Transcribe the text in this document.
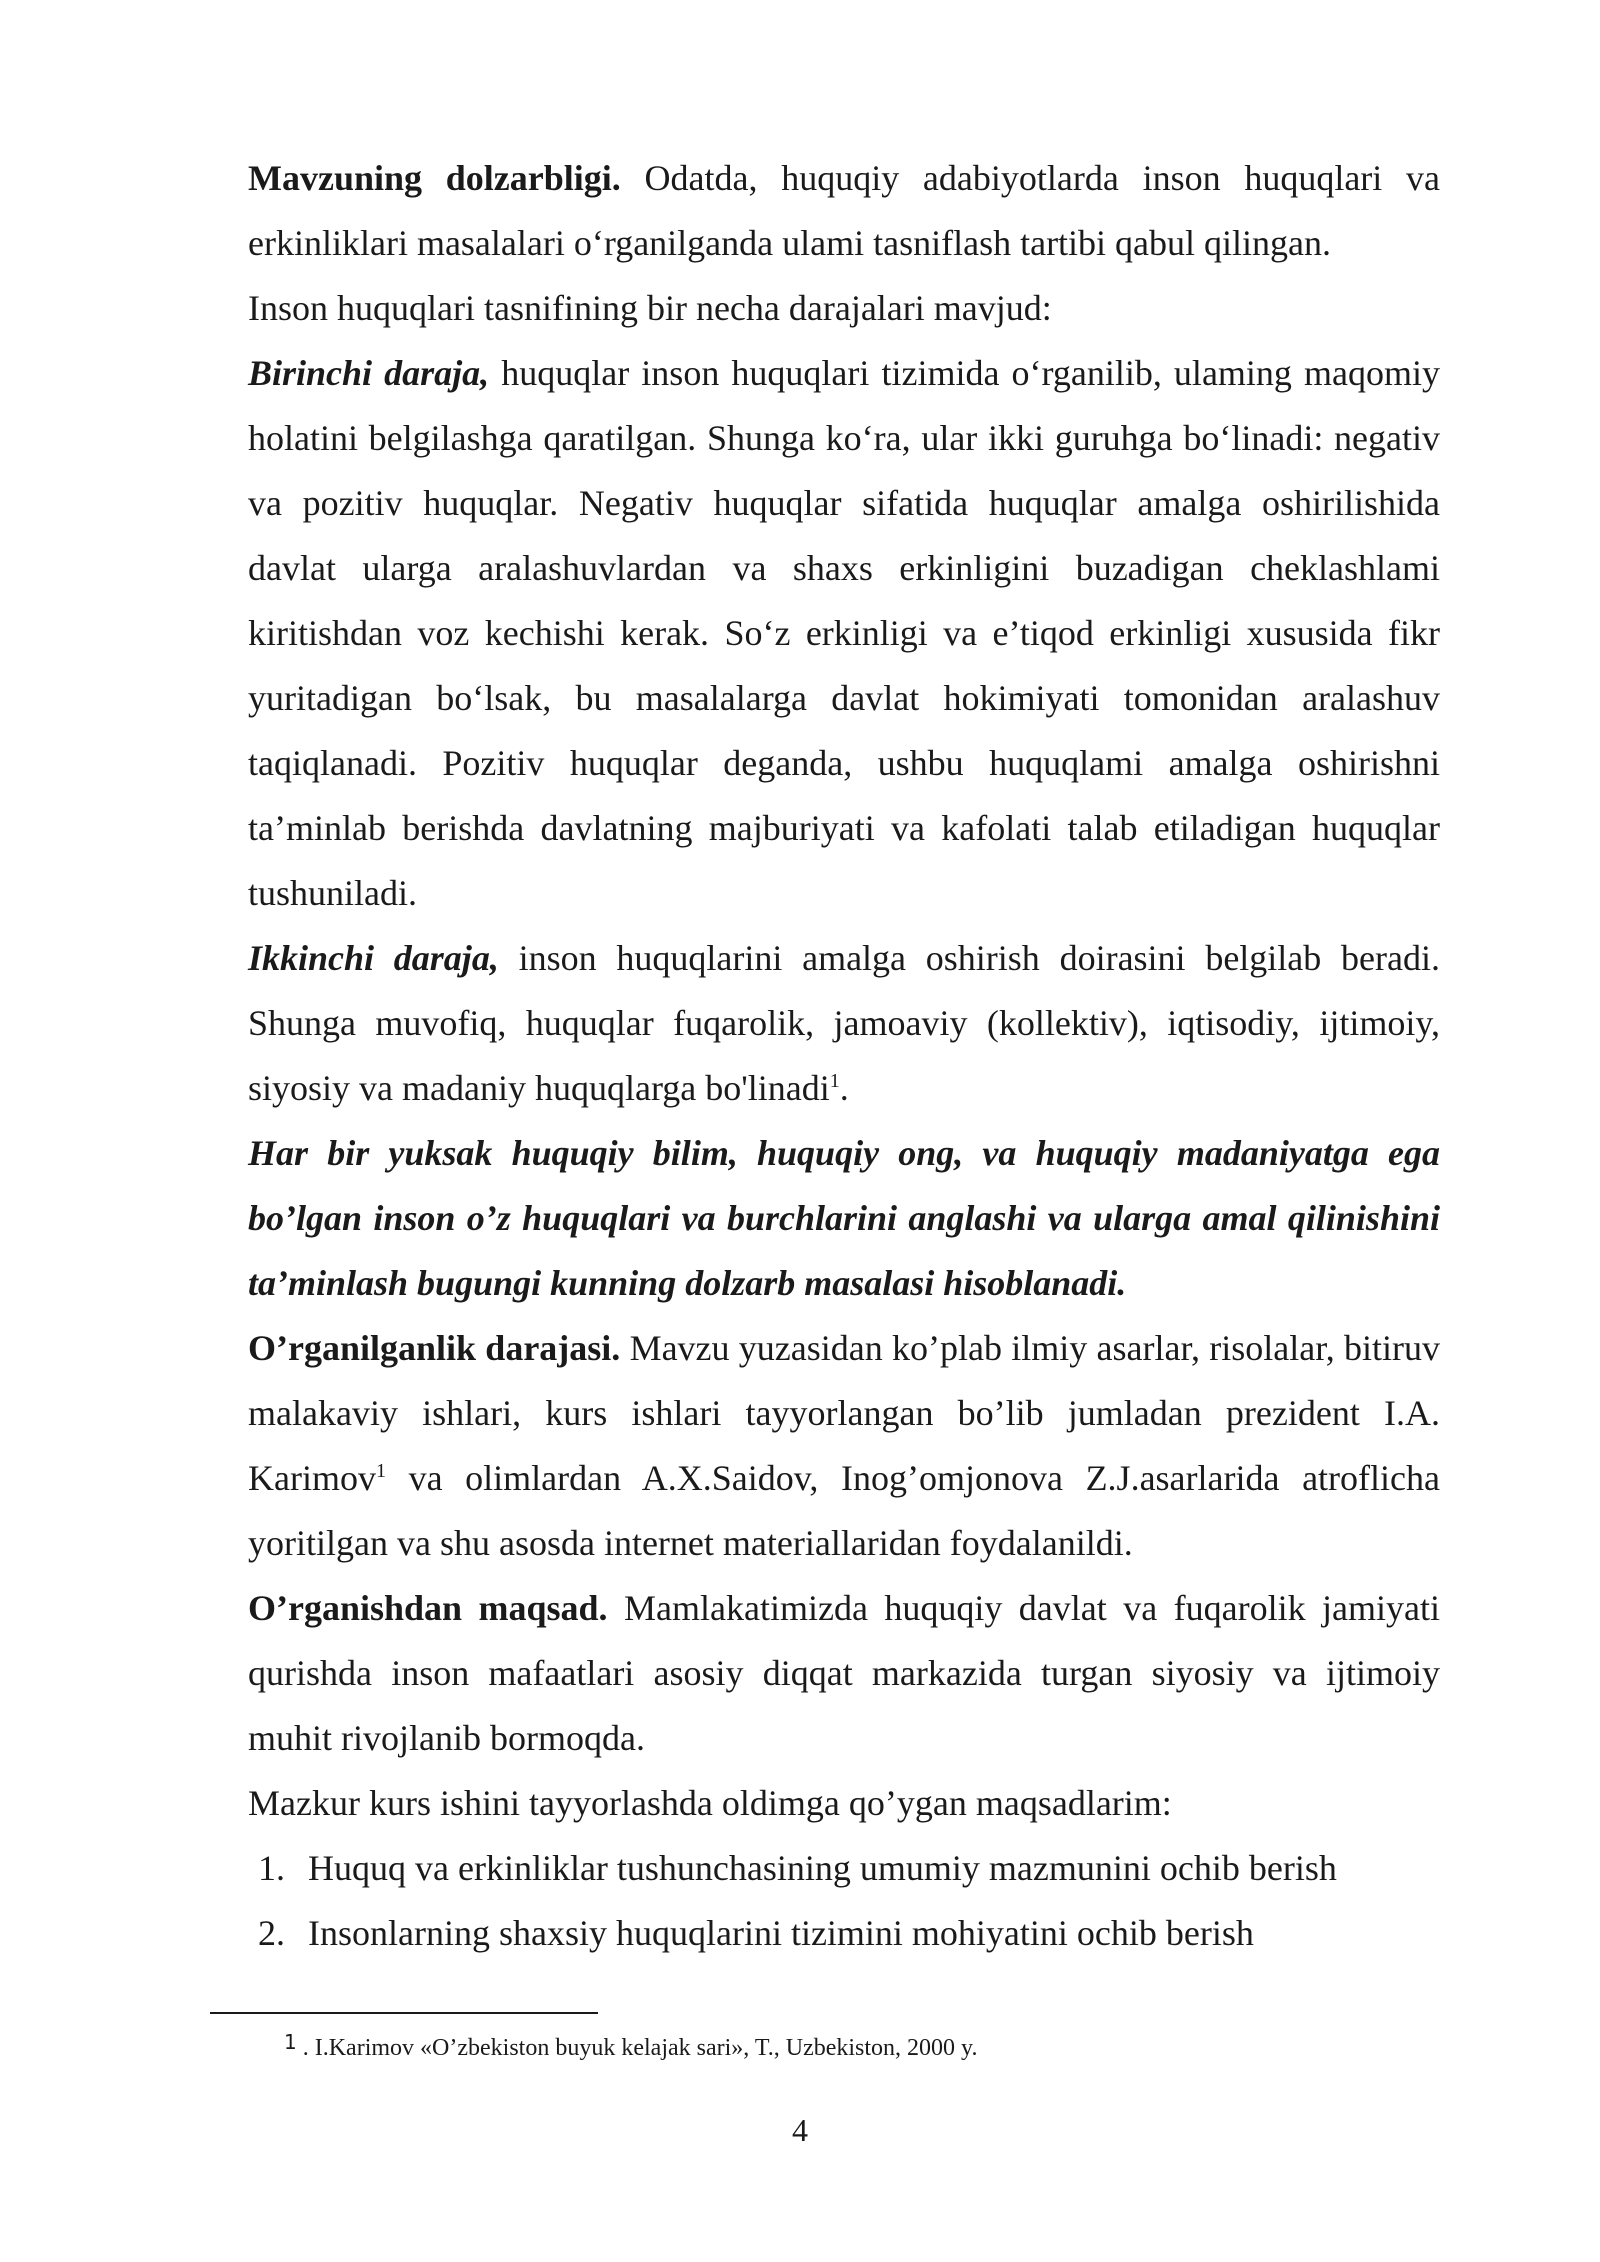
Mavzuning dolzarbligi. Odatda, huquqiy adabiyotlarda inson huquqlari va erkinliklari masalalari o‘rganilganda ulami tasniflash tartibi qabul qilingan.

Inson huquqlari tasnifining bir necha darajalari mavjud:

Birinchi daraja, huquqlar inson huquqlari tizimida o‘rganilib, ulaming maqomiy holatini belgilashga qaratilgan. Shunga ko‘ra, ular ikki guruhga bo‘linadi: negativ va pozitiv huquqlar. Negativ huquqlar sifatida huquqlar amalga oshirilishida davlat ularga aralashuvlardan va shaxs erkinligini buzadigan cheklashlami kiritishdan voz kechishi kerak. So‘z erkinligi va e’tiqod erkinligi xususida fikr yuritadigan bo‘lsak, bu masalalarga davlat hokimiyati tomonidan aralashuv taqiqlanadi. Pozitiv huquqlar deganda, ushbu huquqlami amalga oshirishni ta’minlab berishda davlatning majburiyati va kafolati talab etiladigan huquqlar tushuniladi.

Ikkinchi daraja, inson huquqlarini amalga oshirish doirasini belgilab beradi. Shunga muvofiq, huquqlar fuqarolik, jamoaviy (kollektiv), iqtisodiy, ijtimoiy, siyosiy va madaniy huquqlarga bo'linadi$^1$.

Har bir yuksak huquqiy bilim, huquqiy ong, va huquqiy madaniyatga ega bo’lgan inson o’z huquqlari va burchlarini anglashi va ularga amal qilinishini ta’minlash bugungi kunning dolzarb masalasi hisoblanadi.

O’rganilganlik darajasi. Mavzu yuzasidan ko’plab ilmiy asarlar, risolalar, bitiruv malakaviy ishlari, kurs ishlari tayyorlangan bo’lib jumladan prezident I.A. Karimov$^1$ va olimlardan A.X.Saidov, Inog’omjonova Z.J.asarlarida atroflicha yoritilgan va shu asosda internet materiallaridan foydalanildi.

O’rganishdan maqsad. Mamlakatimizda huquqiy davlat va fuqarolik jamiyati qurishda inson mafaatlari asosiy diqqat markazida turgan siyosiy va ijtimoiy muhit rivojlanib bormoqda.

Mazkur kurs ishini tayyorlashda oldimga qo’ygan maqsadlarim:

1. Huquq va erkinliklar tushunchasining umumiy mazmunini ochib berish
2. Insonlarning shaxsiy huquqlarini tizimini mohiyatini ochib berish
$^1$ . I.Karimov «O’zbekiston buyuk kelajak sari», T., Uzbekiston, 2000 y.
4
